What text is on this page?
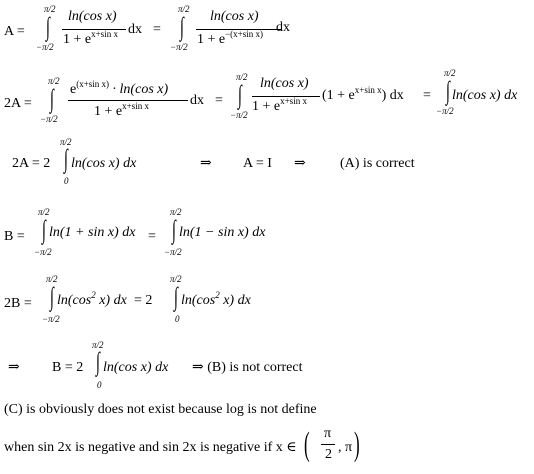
A =
π/2
∫
−π/2
ln(cos x)
$1 + e^{x+sin x}$ dx =
π/2
∫
−π/2
ln(cos x)
$1 + e^{-(x+sin x)}$ dx
2A =
π/2
∫
−π/2
$e^{(x+sin x)} \cdot \ln(\cos$ x)
$1 + e^{x+sin x}$	dx =
π/2
∫
−π/2
ln(cos x)
$1 + e^{x+sin x}$ $(1 + e^{x+sin x})$ dx =
π/2
∫
−π/2
ln(cos x) dx
2A = 2
π/2
∫
0
ln(cos x) dx	⇒ A = I ⇒ (A) is correct
B =
π/2
∫
−π/2
ln(1 + sin x) dx =
π/2
∫
−π/2
ln(1 − sin x) dx
2B =
π/2
∫
−π/2
$\ln(\cos^2$ x) dx = 2
π/2
∫
0
$\ln(\cos^2$ x) dx
⇒ B = 2
π/2
∫
0
ln(cos x) dx ⇒ (B) is not correct
(C) is obviously does not exist because log is not define
when sin 2x is negative and sin 2x is negative if x ∈ ( π
2 , π )
